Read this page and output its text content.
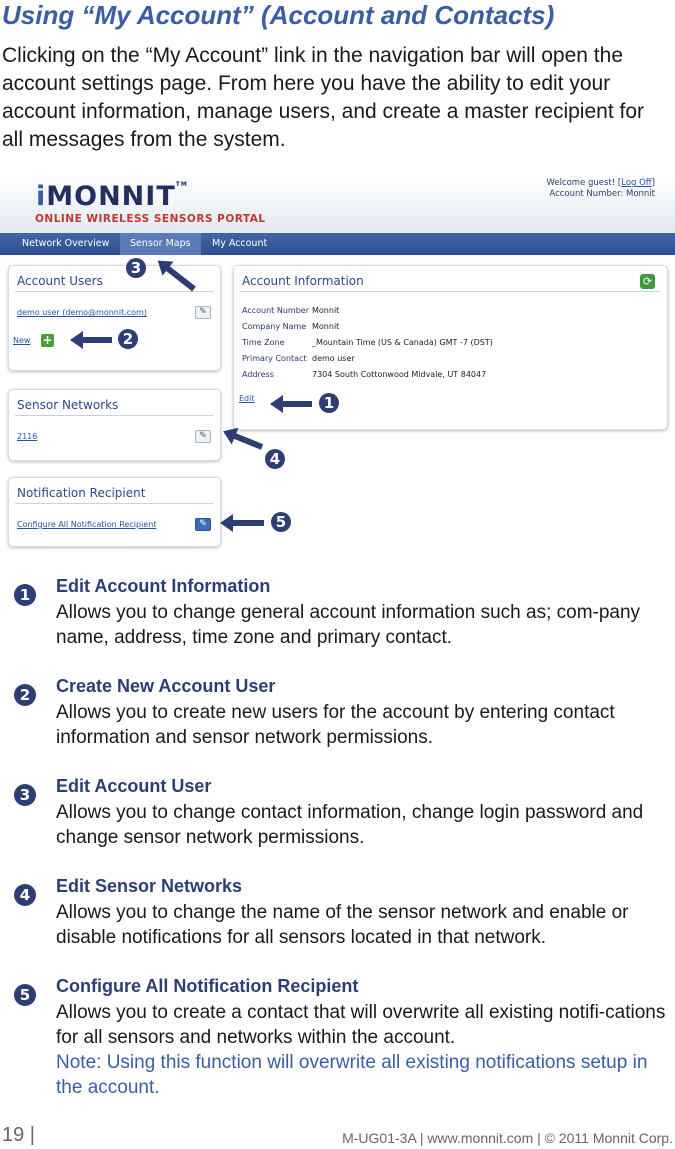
Using “My Account” (Account and Contacts)
Clicking on the “My Account” link in the navigation bar will open the account settings page. From here you have the ability to edit your account information, manage users, and create a master recipient for all messages from the system.
iMONNIT™
ONLINE WIRELESS SENSORS PORTAL
Welcome guest! [Log Off]
Account Number: Monnit
Network Overview	Sensor Maps	My Account
Account Users
demo user (demo@monnit.com)	✎
New +
Sensor Networks
2116	✎
Notification Recipient
Configure All Notification Recipient	✎
Account Information	⟳
Account Number Monnit
Company Name Monnit
Time Zone	_Mountain Time (US & Canada) GMT -7 (DST)
Primary Contact demo user
Address	7304 South Cottonwood Midvale, UT 84047
Edit	1
2
3
4
5
1	Edit Account Information
Allows you to change general account information such as; com-pany name, address, time zone and primary contact.
2	Create New Account User
Allows you to create new users for the account by entering contact information and sensor network permissions.
3	Edit Account User
Allows you to change contact information, change login password and change sensor network permissions.
4	Edit Sensor Networks
Allows you to change the name of the sensor network and enable or disable notifications for all sensors located in that network.
5	Configure All Notification Recipient
Allows you to create a contact that will overwrite all existing notifi-cations for all sensors and networks within the account.
Note: Using this function will overwrite all existing notifications setup in the account.
19 |	M-UG01-3A | www.monnit.com | © 2011 Monnit Corp.
